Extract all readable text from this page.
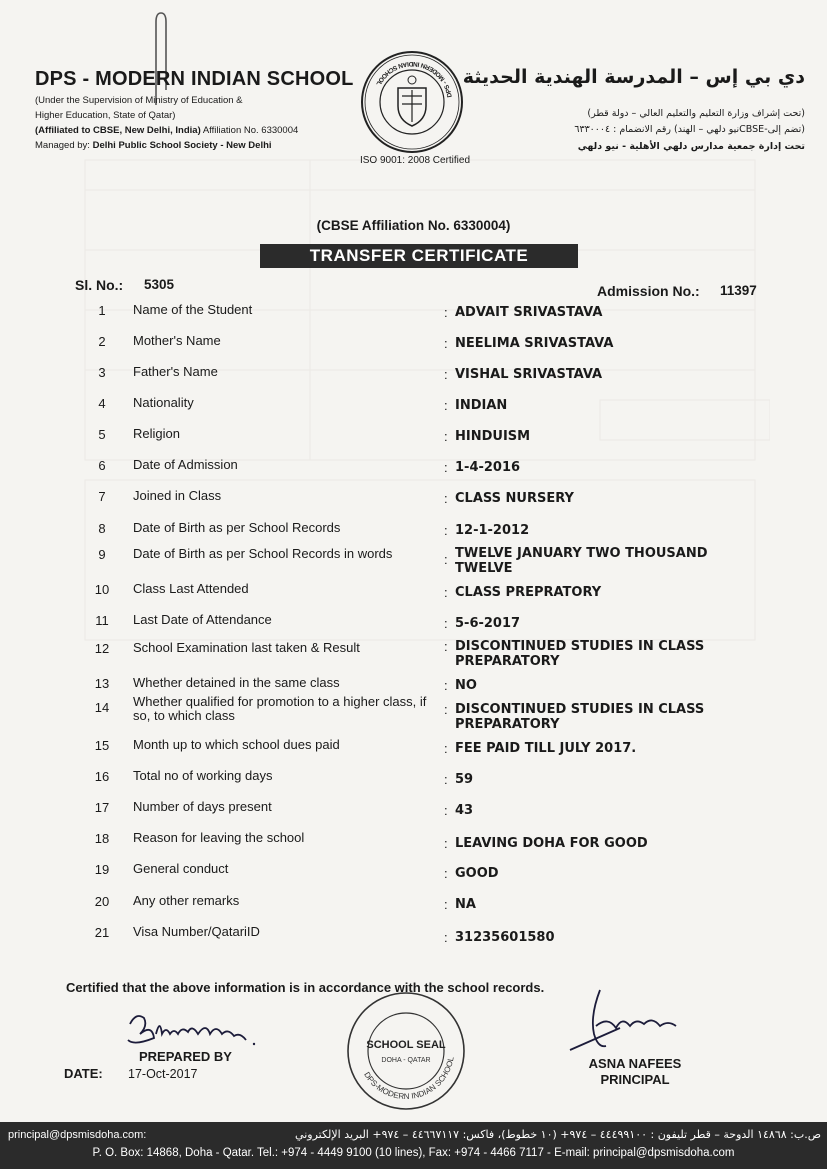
DPS - MODERN INDIAN SCHOOL
(Under the Supervision of Ministry of Education &
Higher Education, State of Qatar)
(Affiliated to CBSE, New Delhi, India) Affiliation No. 6330004
Managed by: Delhi Public School Society - New Delhi
DPS - MODERN INDIAN SCHOOL
ISO 9001: 2008 Certified
دي بي إس – المدرسة الهندية الحديثة
(تحت إشراف وزارة التعليم والتعليم العالي – دولة قطر)
(تضم إلى-CBSEنيو دلهي – الهند) رقم الانضمام : ٦٣٣٠٠٠٤
تحت إدارة جمعية مدارس دلهي الأهلية - نيو دلهي
(CBSE Affiliation No. 6330004)
TRANSFER CERTIFICATE
Sl. No.: 5305	Admission No.: 11397
1	Name of the Student	: ADVAIT SRIVASTAVA
2	Mother's Name	: NEELIMA SRIVASTAVA
3	Father's Name	: VISHAL SRIVASTAVA
4	Nationality	: INDIAN
5	Religion	: HINDUISM
6	Date of Admission	: 1-4-2016
7	Joined in Class	: CLASS NURSERY
8	Date of Birth as per School Records	: 12-1-2012
9	Date of Birth as per School Records in words	: TWELVE JANUARY TWO THOUSAND TWELVE
10	Class Last Attended	: CLASS PREPRATORY
11	Last Date of Attendance	: 5-6-2017
12	School Examination last taken & Result	: DISCONTINUED STUDIES IN CLASS PREPARATORY
13	Whether detained in the same class	: NO
14	Whether qualified for promotion to a higher class, if so, to which class	: DISCONTINUED STUDIES IN CLASS PREPARATORY
15	Month up to which school dues paid	: FEE PAID TILL JULY 2017.
16	Total no of working days	: 59
17	Number of days present	: 43
18	Reason for leaving the school	: LEAVING DOHA FOR GOOD
19	General conduct	: GOOD
20	Any other remarks	: NA
21	Visa Number/QatariID	: 31235601580
Certified that the above information is in accordance with the school records.
PREPARED BY
DATE: 17-Oct-2017	DPS-MODERN INDIAN SCHOOL
SCHOOL SEAL
DOHA - QATAR	ASNA NAFEES
PRINCIPAL
principal@dpsmisdoha.com:	ص.ب: ١٤٨٦٨ الدوحة – قطر تليفون : ٤٤٤٩٩١٠٠ – ٩٧٤+ (١٠ خطوط)، فاكس: ٤٤٦٦٧١١٧ – ٩٧٤+ البريد الإلكتروني
P. O. Box: 14868, Doha - Qatar. Tel.: +974 - 4449 9100 (10 lines), Fax: +974 - 4466 7117 - E-mail: principal@dpsmisdoha.com
